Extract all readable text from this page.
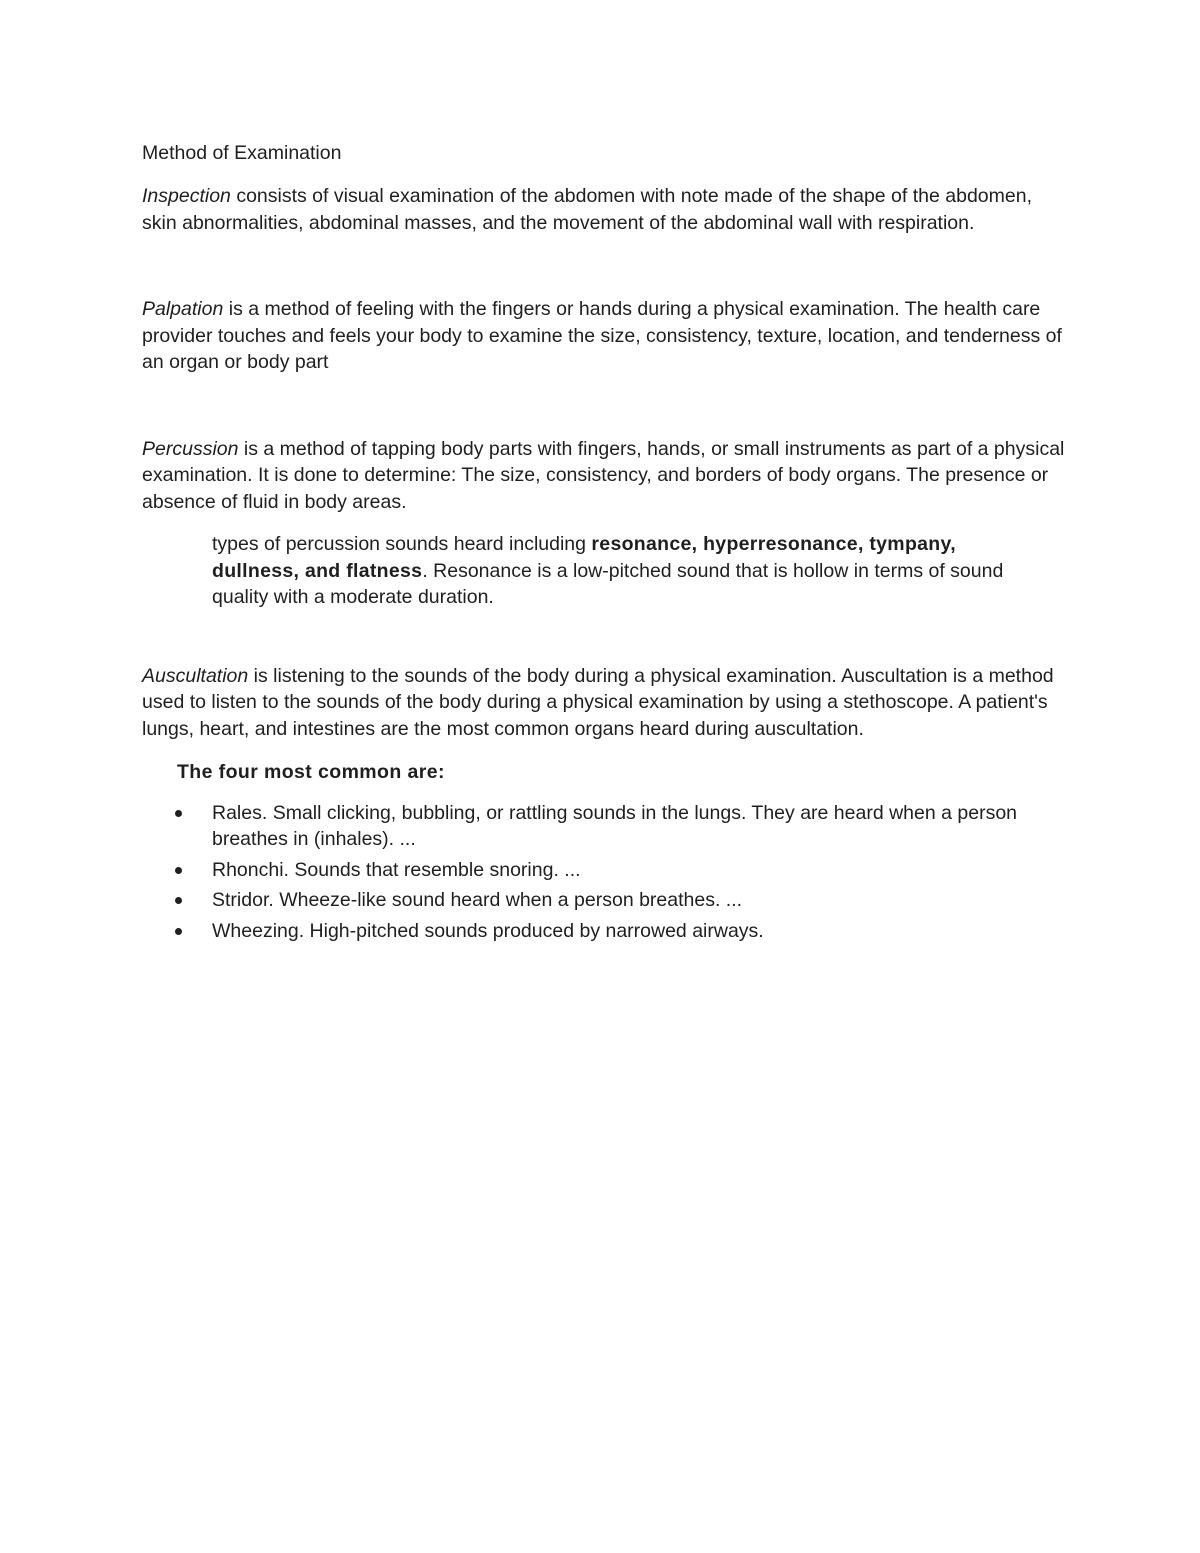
Method of Examination

Inspection consists of visual examination of the abdomen with note made of the shape of the abdomen, skin abnormalities, abdominal masses, and the movement of the abdominal wall with respiration.

Palpation is a method of feeling with the fingers or hands during a physical examination. The health care provider touches and feels your body to examine the size, consistency, texture, location, and tenderness of an organ or body part

Percussion is a method of tapping body parts with fingers, hands, or small instruments as part of a physical examination. It is done to determine: The size, consistency, and borders of body organs. The presence or absence of fluid in body areas.

types of percussion sounds heard including resonance, hyperresonance, tympany, dullness, and flatness. Resonance is a low-pitched sound that is hollow in terms of sound quality with a moderate duration.

Auscultation is listening to the sounds of the body during a physical examination. Auscultation is a method used to listen to the sounds of the body during a physical examination by using a stethoscope. A patient's lungs, heart, and intestines are the most common organs heard during auscultation.

The four most common are:

Rales. Small clicking, bubbling, or rattling sounds in the lungs. They are heard when a person breathes in (inhales). ...
Rhonchi. Sounds that resemble snoring. ...
Stridor. Wheeze-like sound heard when a person breathes. ...
Wheezing. High-pitched sounds produced by narrowed airways.
